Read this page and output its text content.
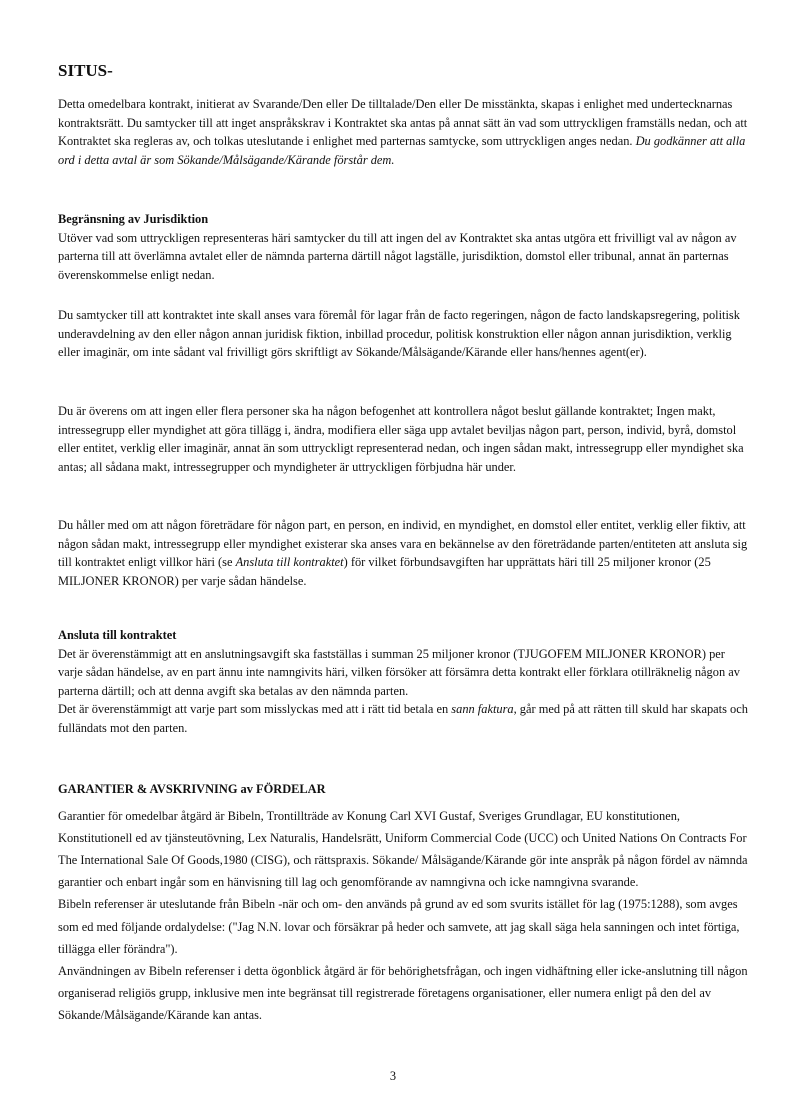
SITUS-

Detta omedelbara kontrakt, initierat av Svarande/Den eller De tilltalade/Den eller De misstänkta, skapas i enlighet med undertecknarnas kontraktsrätt. Du samtycker till att inget anspråkskrav i Kontraktet ska antas på annat sätt än vad som uttryckligen framställs nedan, och att Kontraktet ska regleras av, och tolkas uteslutande i enlighet med parternas samtycke, som uttryckligen anges nedan. Du godkänner att alla ord i detta avtal är som Sökande/Målsägande/Kärande förstår dem.

Begränsning av Jurisdiktion

Utöver vad som uttryckligen representeras häri samtycker du till att ingen del av Kontraktet ska antas utgöra ett frivilligt val av någon av parterna till att överlämna avtalet eller de nämnda parterna därtill något lagställe, jurisdiktion, domstol eller tribunal, annat än parternas överenskommelse enligt nedan.

Du samtycker till att kontraktet inte skall anses vara föremål för lagar från de facto regeringen, någon de facto landskapsregering, politisk underavdelning av den eller någon annan juridisk fiktion, inbillad procedur, politisk konstruktion eller någon annan jurisdiktion, verklig eller imaginär, om inte sådant val frivilligt görs skriftligt av Sökande/Målsägande/Kärande eller hans/hennes agent(er).

Du är överens om att ingen eller flera personer ska ha någon befogenhet att kontrollera något beslut gällande kontraktet; Ingen makt, intressegrupp eller myndighet att göra tillägg i, ändra, modifiera eller säga upp avtalet beviljas någon part, person, individ, byrå, domstol eller entitet, verklig eller imaginär, annat än som uttryckligt representerad nedan, och ingen sådan makt, intressegrupp eller myndighet ska antas; all sådana makt, intressegrupper och myndigheter är uttryckligen förbjudna här under.

Du håller med om att någon företrädare för någon part, en person, en individ, en myndighet, en domstol eller entitet, verklig eller fiktiv, att någon sådan makt, intressegrupp eller myndighet existerar ska anses vara en bekännelse av den företrädande parten/entiteten att ansluta sig till kontraktet enligt villkor häri (se Ansluta till kontraktet) för vilket förbundsavgiften har upprättats häri till 25 miljoner kronor (25 MILJONER KRONOR) per varje sådan händelse.

Ansluta till kontraktet

Det är överenstämmigt att en anslutningsavgift ska fastställas i summan 25 miljoner kronor (TJUGOFEM MILJONER KRONOR) per varje sådan händelse, av en part ännu inte namngivits häri, vilken försöker att försämra detta kontrakt eller förklara otillräknelig någon av parterna därtill; och att denna avgift ska betalas av den nämnda parten.

Det är överenstämmigt att varje part som misslyckas med att i rätt tid betala en sann faktura, går med på att rätten till skuld har skapats och fulländats mot den parten.

GARANTIER & AVSKRIVNING av FÖRDELAR

Garantier för omedelbar åtgärd är Bibeln, Trontillträde av Konung Carl XVI Gustaf, Sveriges Grundlagar, EU konstitutionen, Konstitutionell ed av tjänsteutövning, Lex Naturalis, Handelsrätt, Uniform Commercial Code (UCC) och United Nations On Contracts For The International Sale Of Goods,1980 (CISG), och rättspraxis. Sökande/ Målsägande/Kärande gör inte anspråk på någon fördel av nämnda garantier och enbart ingår som en hänvisning till lag och genomförande av namngivna och icke namngivna svarande.

Bibeln referenser är uteslutande från Bibeln -när och om- den används på grund av ed som svurits istället för lag (1975:1288), som avges som ed med följande ordalydelse: ("Jag N.N. lovar och försäkrar på heder och samvete, att jag skall säga hela sanningen och intet förtiga, tillägga eller förändra").

Användningen av Bibeln referenser i detta ögonblick åtgärd är för behörighetsfrågan, och ingen vidhäftning eller icke-anslutning till någon organiserad religiös grupp, inklusive men inte begränsat till registrerade företagens organisationer, eller numera enligt på den del av Sökande/Målsägande/Kärande kan antas.

3
